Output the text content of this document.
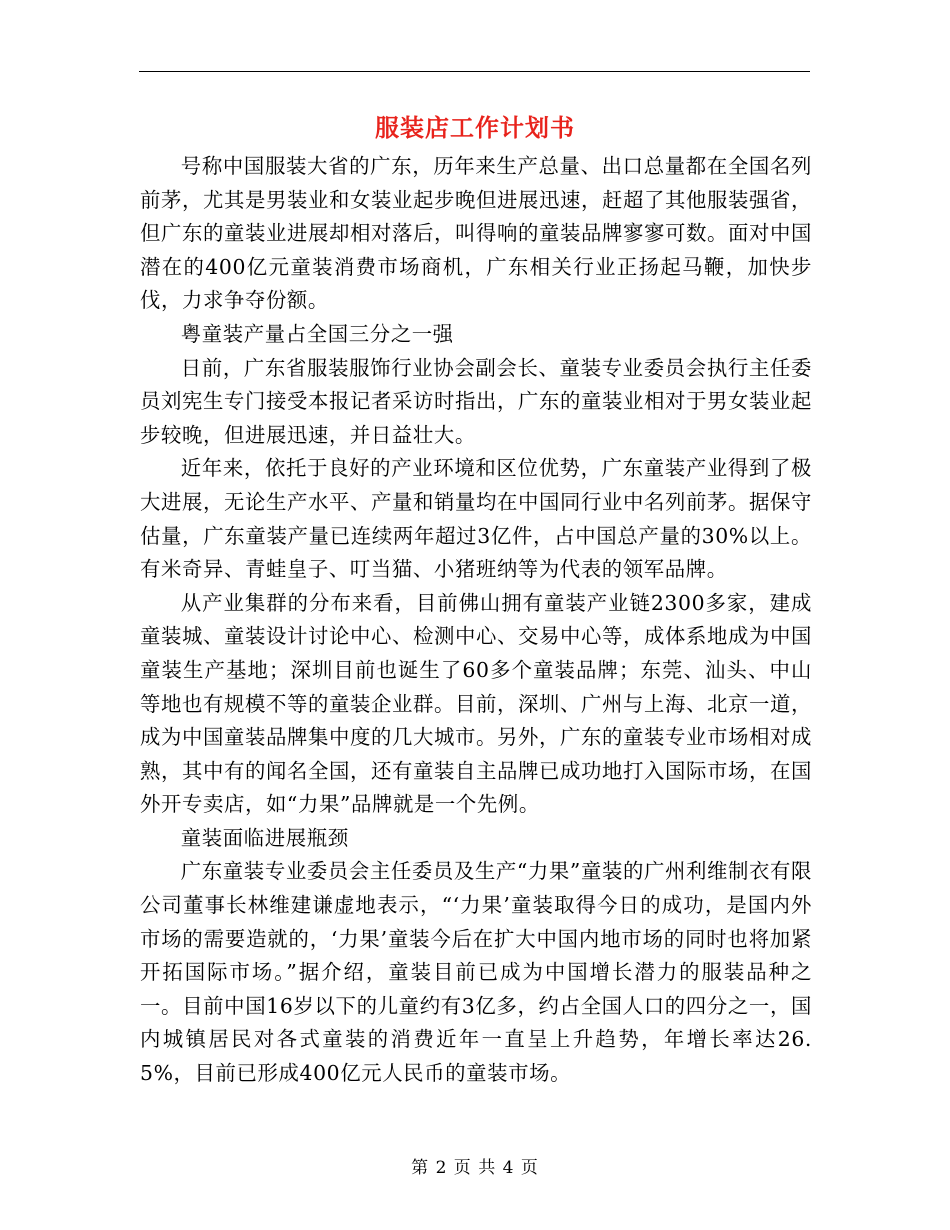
服装店工作计划书

号称中国服装大省的广东，历年来生产总量、出口总量都在全国名列前茅，尤其是男装业和女装业起步晚但进展迅速，赶超了其他服装强省，但广东的童装业进展却相对落后，叫得响的童装品牌寥寥可数。面对中国潜在的400亿元童装消费市场商机，广东相关行业正扬起马鞭，加快步伐，力求争夺份额。

粤童装产量占全国三分之一强

日前，广东省服装服饰行业协会副会长、童装专业委员会执行主任委员刘宪生专门接受本报记者采访时指出，广东的童装业相对于男女装业起步较晚，但进展迅速，并日益壮大。

近年来，依托于良好的产业环境和区位优势，广东童装产业得到了极大进展，无论生产水平、产量和销量均在中国同行业中名列前茅。据保守估量，广东童装产量已连续两年超过3亿件，占中国总产量的30%以上。有米奇异、青蛙皇子、叮当猫、小猪班纳等为代表的领军品牌。

从产业集群的分布来看，目前佛山拥有童装产业链2300多家，建成童装城、童装设计讨论中心、检测中心、交易中心等，成体系地成为中国童装生产基地；深圳目前也诞生了60多个童装品牌；东莞、汕头、中山等地也有规模不等的童装企业群。目前，深圳、广州与上海、北京一道，成为中国童装品牌集中度的几大城市。另外，广东的童装专业市场相对成熟，其中有的闻名全国，还有童装自主品牌已成功地打入国际市场，在国外开专卖店，如“力果”品牌就是一个先例。

童装面临进展瓶颈

广东童装专业委员会主任委员及生产“力果”童装的广州利维制衣有限公司董事长林维建谦虚地表示，“‘力果’童装取得今日的成功，是国内外市场的需要造就的，‘力果’童装今后在扩大中国内地市场的同时也将加紧开拓国际市场。”据介绍，童装目前已成为中国增长潜力的服装品种之一。目前中国16岁以下的儿童约有3亿多，约占全国人口的四分之一，国内城镇居民对各式童装的消费近年一直呈上升趋势，年增长率达26.5%，目前已形成400亿元人民币的童装市场。

第 2 页 共 4 页
